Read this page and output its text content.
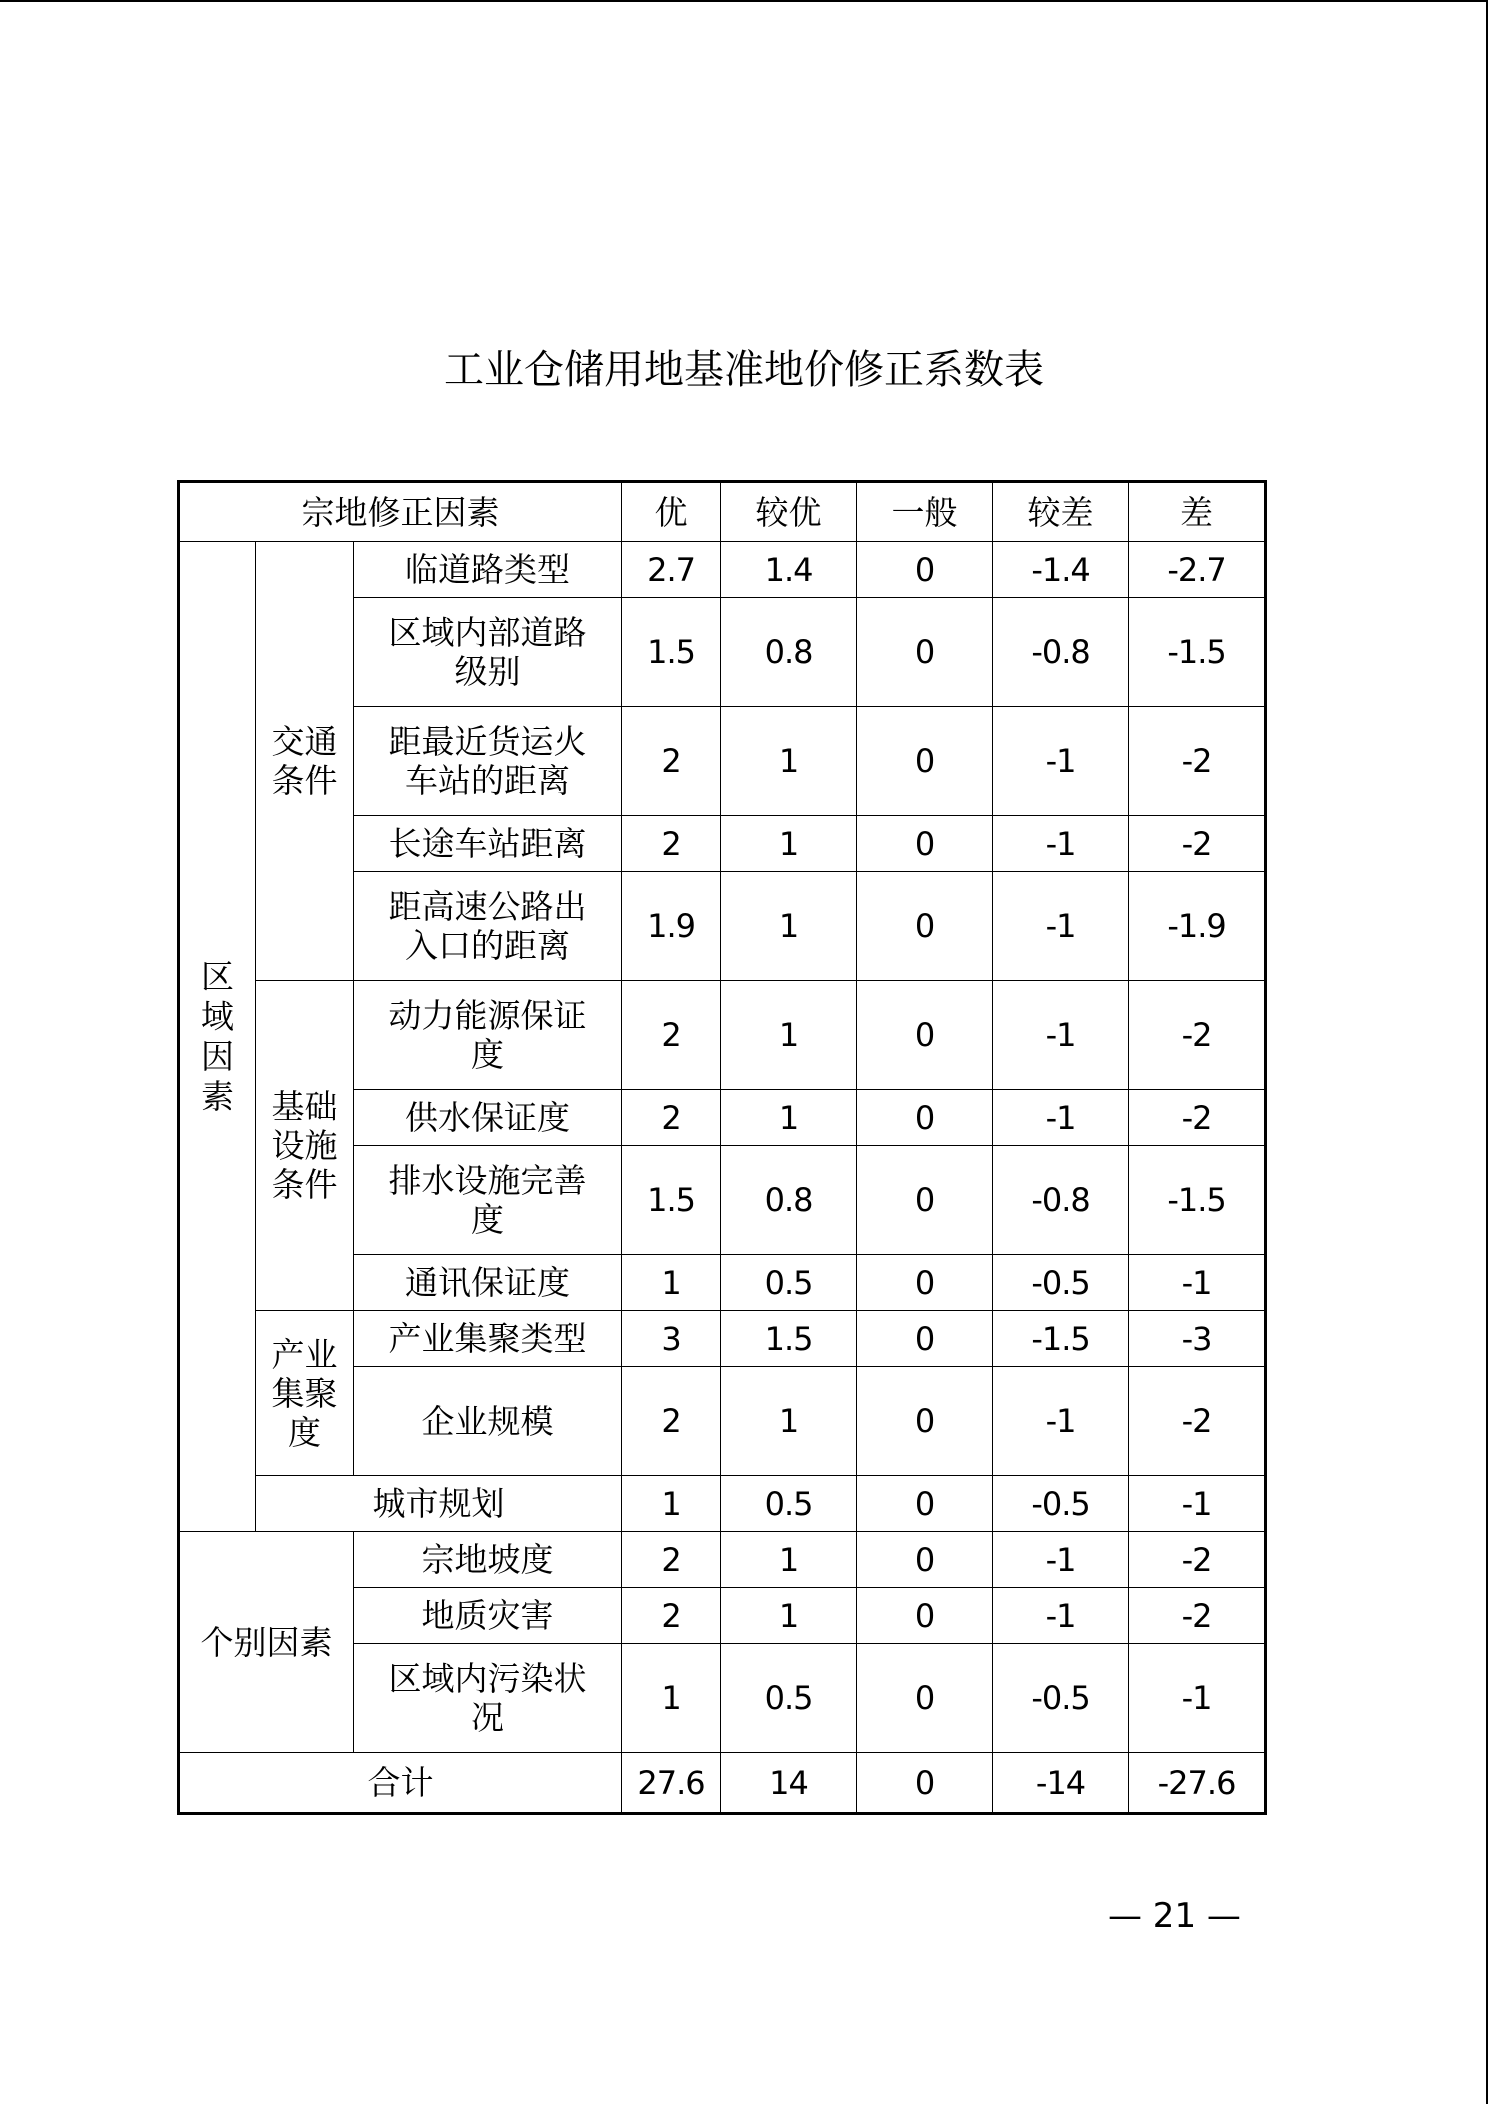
工业仓储用地基准地价修正系数表
宗地修正因素			优	较优	一般	较差	差
区域因素	交通条件	临道路类型	2.7	1.4	0	-1.4	-2.7

		区域内部道路级别	1.5	0.8	0	-0.8	-1.5

		距最近货运火车站的距离	2	1	0	-1	-2
		长途车站距离	2	1	0	-1	-2

		距高速公路出入口的距离	1.9	1	0	-1	-1.9

	基础设施条件	动力能源保证度	2	1	0	-1	-2
		供水保证度	2	1	0	-1	-2

		排水设施完善度	1.5	0.8	0	-0.8	-1.5
		通讯保证度	1	0.5	0	-0.5	-1

	产业集聚度	产业集聚类型	3	1.5	0	-1.5	-3
		企业规模	2	1	0	-1	-2
	城市规划		1	0.5	0	-0.5	-1
个别因素		宗地坡度	2	1	0	-1	-2
		地质灾害	2	1	0	-1	-2

		区域内污染状况	1	0.5	0	-0.5	-1
合计			27.6	14	0	-14	-27.6
— 21 —
